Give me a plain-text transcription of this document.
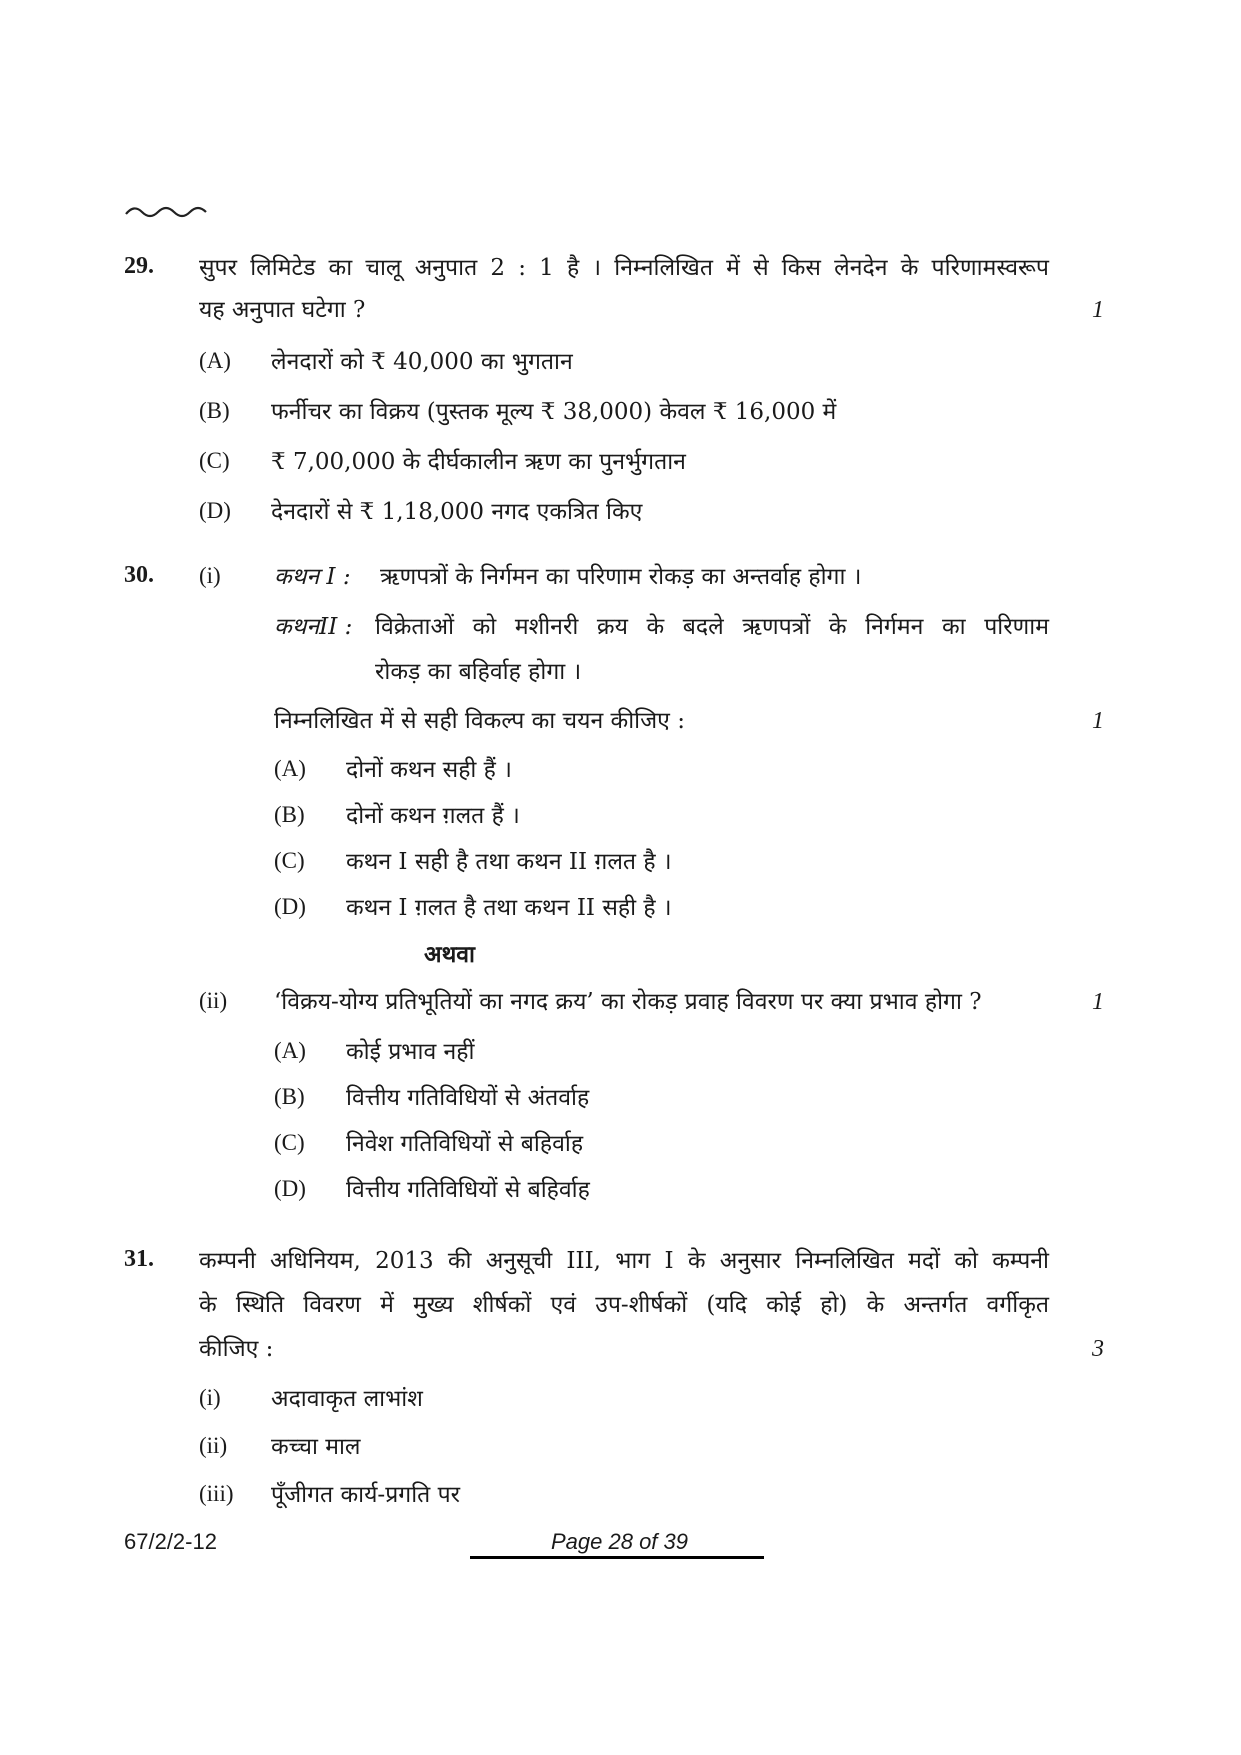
29. सुपर लिमिटेड का चालू अनुपात 2 : 1 है । निम्नलिखित में से किस लेनदेन के परिणामस्वरूप
यह अनुपात घटेगा ?	1
(A) लेनदारों को ₹ 40,000 का भुगतान
(B) फर्नीचर का विक्रय (पुस्तक मूल्य ₹ 38,000) केवल ₹ 16,000 में
(C) ₹ 7,00,000 के दीर्घकालीन ऋण का पुनर्भुगतान
(D) देनदारों से ₹ 1,18,000 नगद एकत्रित किए
30. (i) कथन I : ऋणपत्रों के निर्गमन का परिणाम रोकड़ का अन्तर्वाह होगा ।
कथनII : विक्रेताओं को मशीनरी क्रय के बदले ऋणपत्रों के निर्गमन का परिणाम
रोकड़ का बहिर्वाह होगा ।
निम्नलिखित में से सही विकल्प का चयन कीजिए :	1
(A) दोनों कथन सही हैं ।
(B) दोनों कथन ग़लत हैं ।
(C) कथन I सही है तथा कथन II ग़लत है ।
(D) कथन I ग़लत है तथा कथन II सही है ।
अथवा
(ii) ‘विक्रय-योग्य प्रतिभूतियों का नगद क्रय’ का रोकड़ प्रवाह विवरण पर क्या प्रभाव होगा ?	1
(A) कोई प्रभाव नहीं
(B) वित्तीय गतिविधियों से अंतर्वाह
(C) निवेश गतिविधियों से बहिर्वाह
(D) वित्तीय गतिविधियों से बहिर्वाह
31. कम्पनी अधिनियम, 2013 की अनुसूची III, भाग I के अनुसार निम्नलिखित मदों को कम्पनी
के स्थिति विवरण में मुख्य शीर्षकों एवं उप-शीर्षकों (यदि कोई हो) के अन्तर्गत वर्गीकृत
कीजिए :	3
(i) अदावाकृत लाभांश
(ii) कच्चा माल
(iii) पूँजीगत कार्य-प्रगति पर
67/2/2-12	Page 28 of 39
